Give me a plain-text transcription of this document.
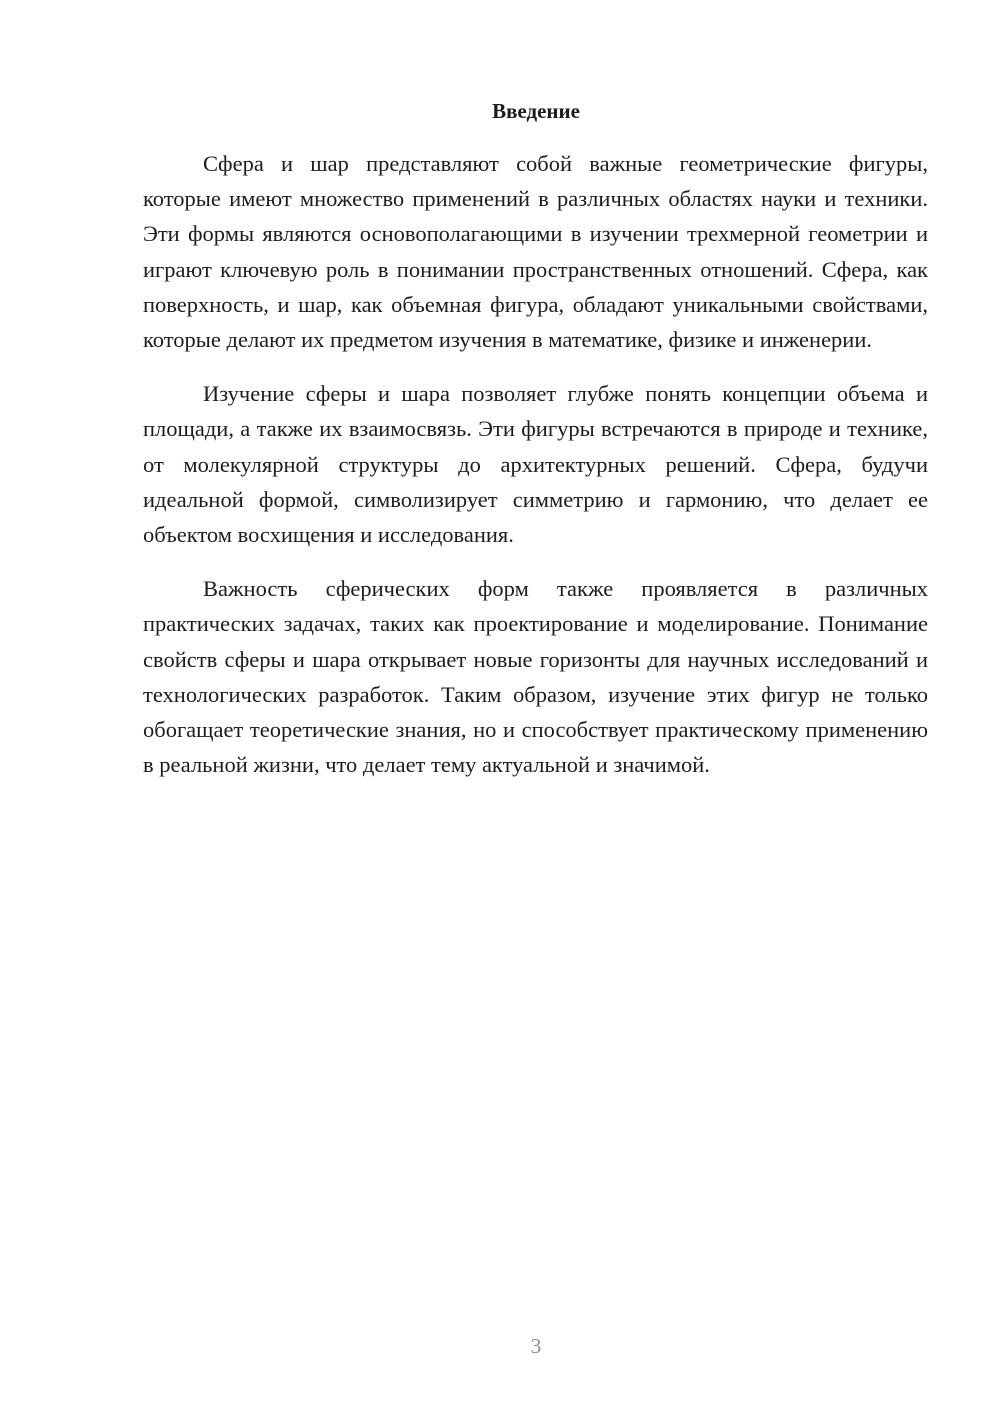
Введение

Сфера и шар представляют собой важные геометрические фигуры, которые имеют множество применений в различных областях науки и техники. Эти формы являются основополагающими в изучении трехмерной геометрии и играют ключевую роль в понимании пространственных отношений. Сфера, как поверхность, и шар, как объемная фигура, обладают уникальными свойствами, которые делают их предметом изучения в математике, физике и инженерии.

Изучение сферы и шара позволяет глубже понять концепции объема и площади, а также их взаимосвязь. Эти фигуры встречаются в природе и технике, от молекулярной структуры до архитектурных решений. Сфера, будучи идеальной формой, символизирует симметрию и гармонию, что делает ее объектом восхищения и исследования.

Важность сферических форм также проявляется в различных практических задачах, таких как проектирование и моделирование. Понимание свойств сферы и шара открывает новые горизонты для научных исследований и технологических разработок. Таким образом, изучение этих фигур не только обогащает теоретические знания, но и способствует практическому применению в реальной жизни, что делает тему актуальной и значимой.

3
